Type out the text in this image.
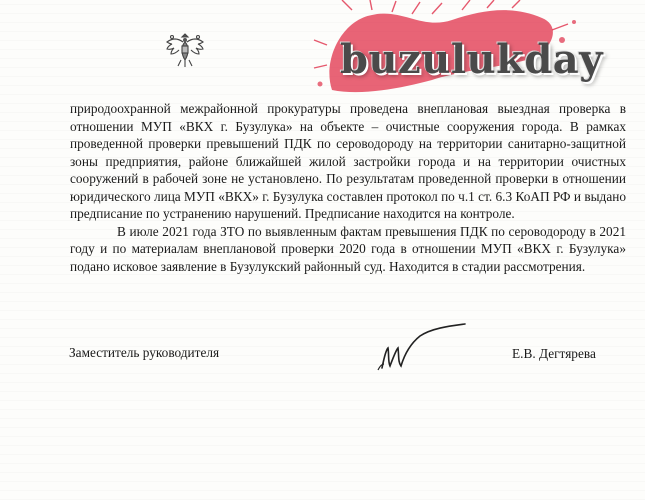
buzulukday

природоохранной межрайонной прокуратуры проведена внеплановая выездная проверка в отношении МУП «ВКХ г. Бузулука» на объекте – очистные сооружения города. В рамках проведенной проверки превышений ПДК по сероводороду на территории санитарно-защитной зоны предприятия, районе ближайшей жилой застройки города и на территории очистных сооружений в рабочей зоне не установлено. По результатам проведенной проверки в отношении юридического лица МУП «ВКХ» г. Бузулука составлен протокол по ч.1 ст. 6.3 КоАП РФ и выдано предписание по устранению нарушений. Предписание находится на контроле.

В июле 2021 года ЗТО по выявленным фактам превышения ПДК по сероводороду в 2021 году и по материалам внеплановой проверки 2020 года в отношении МУП «ВКХ г. Бузулука» подано исковое заявление в Бузулукский районный суд. Находится в стадии рассмотрения.

Заместитель руководителя	Е.В. Дегтярева
